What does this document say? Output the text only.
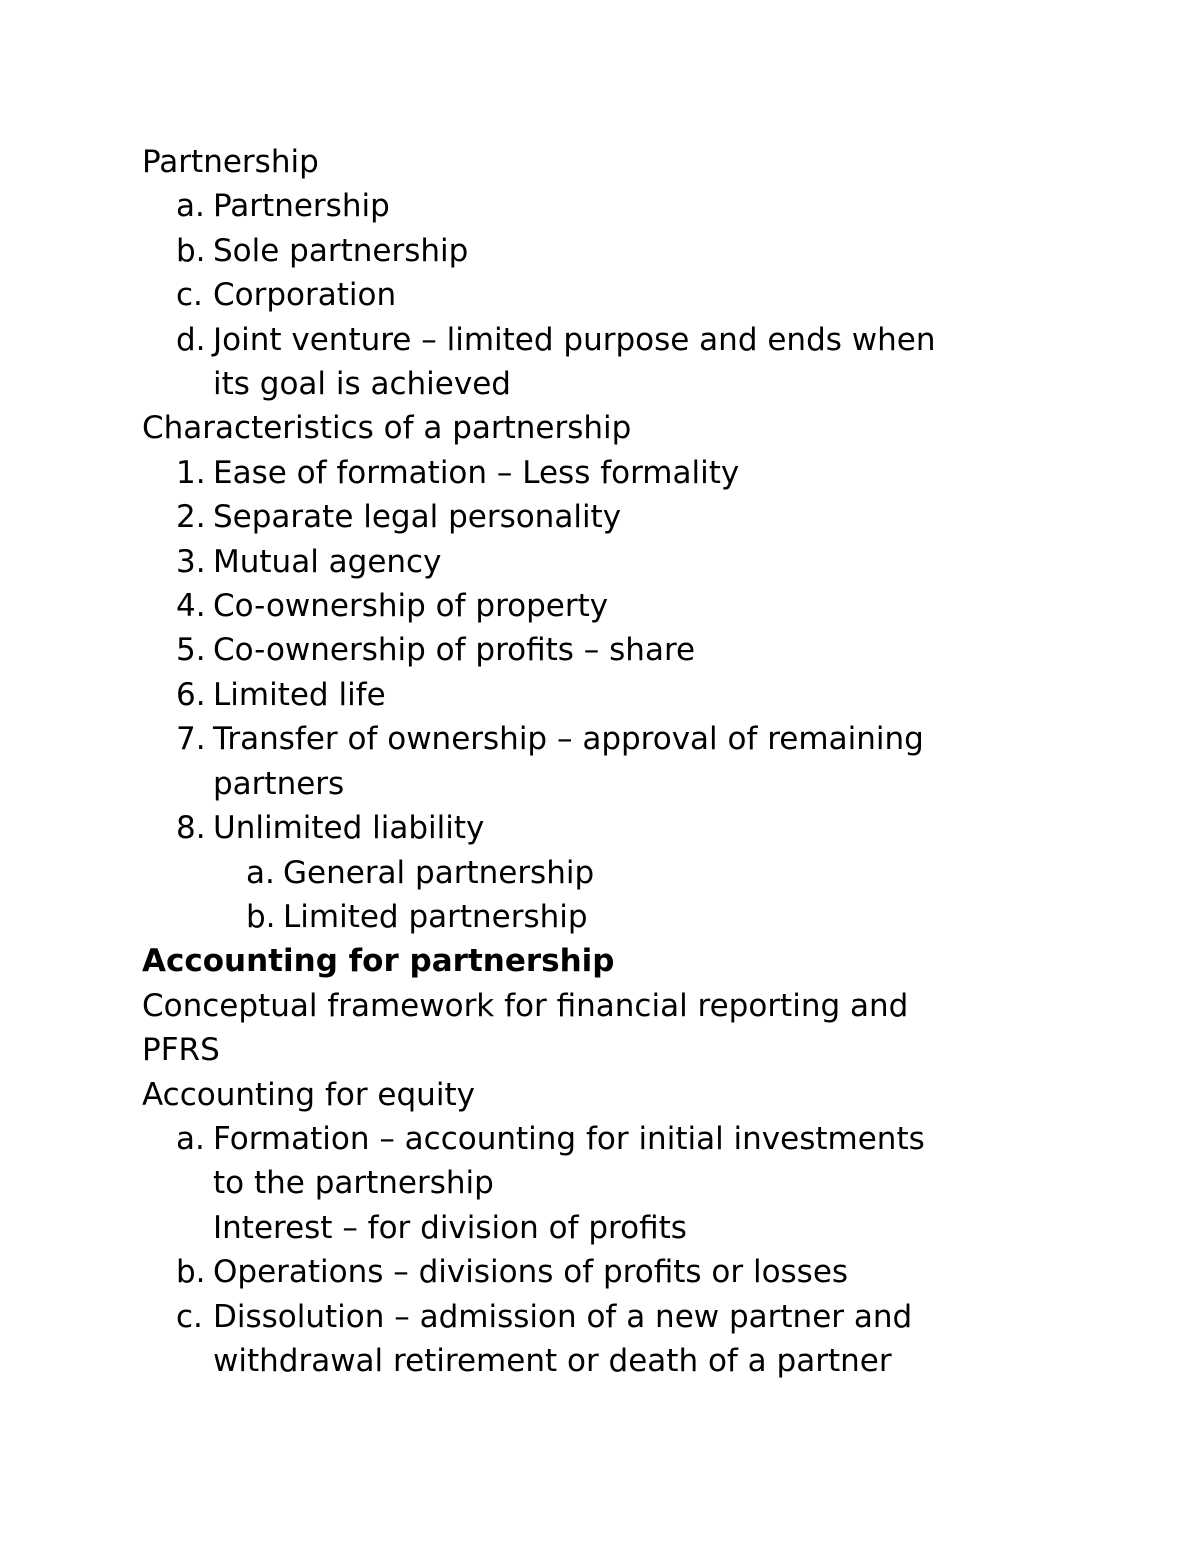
Partnership
a. Partnership
b. Sole partnership
c. Corporation
d. Joint venture – limited purpose and ends when
its goal is achieved
Characteristics of a partnership
1. Ease of formation – Less formality
2. Separate legal personality
3. Mutual agency
4. Co-ownership of property
5. Co-ownership of profits – share
6. Limited life
7. Transfer of ownership – approval of remaining
partners
8. Unlimited liability
a. General partnership
b. Limited partnership
Accounting for partnership
Conceptual framework for financial reporting and
PFRS
Accounting for equity
a. Formation – accounting for initial investments
to the partnership
Interest – for division of profits
b. Operations – divisions of profits or losses
c. Dissolution – admission of a new partner and
withdrawal retirement or death of a partner
